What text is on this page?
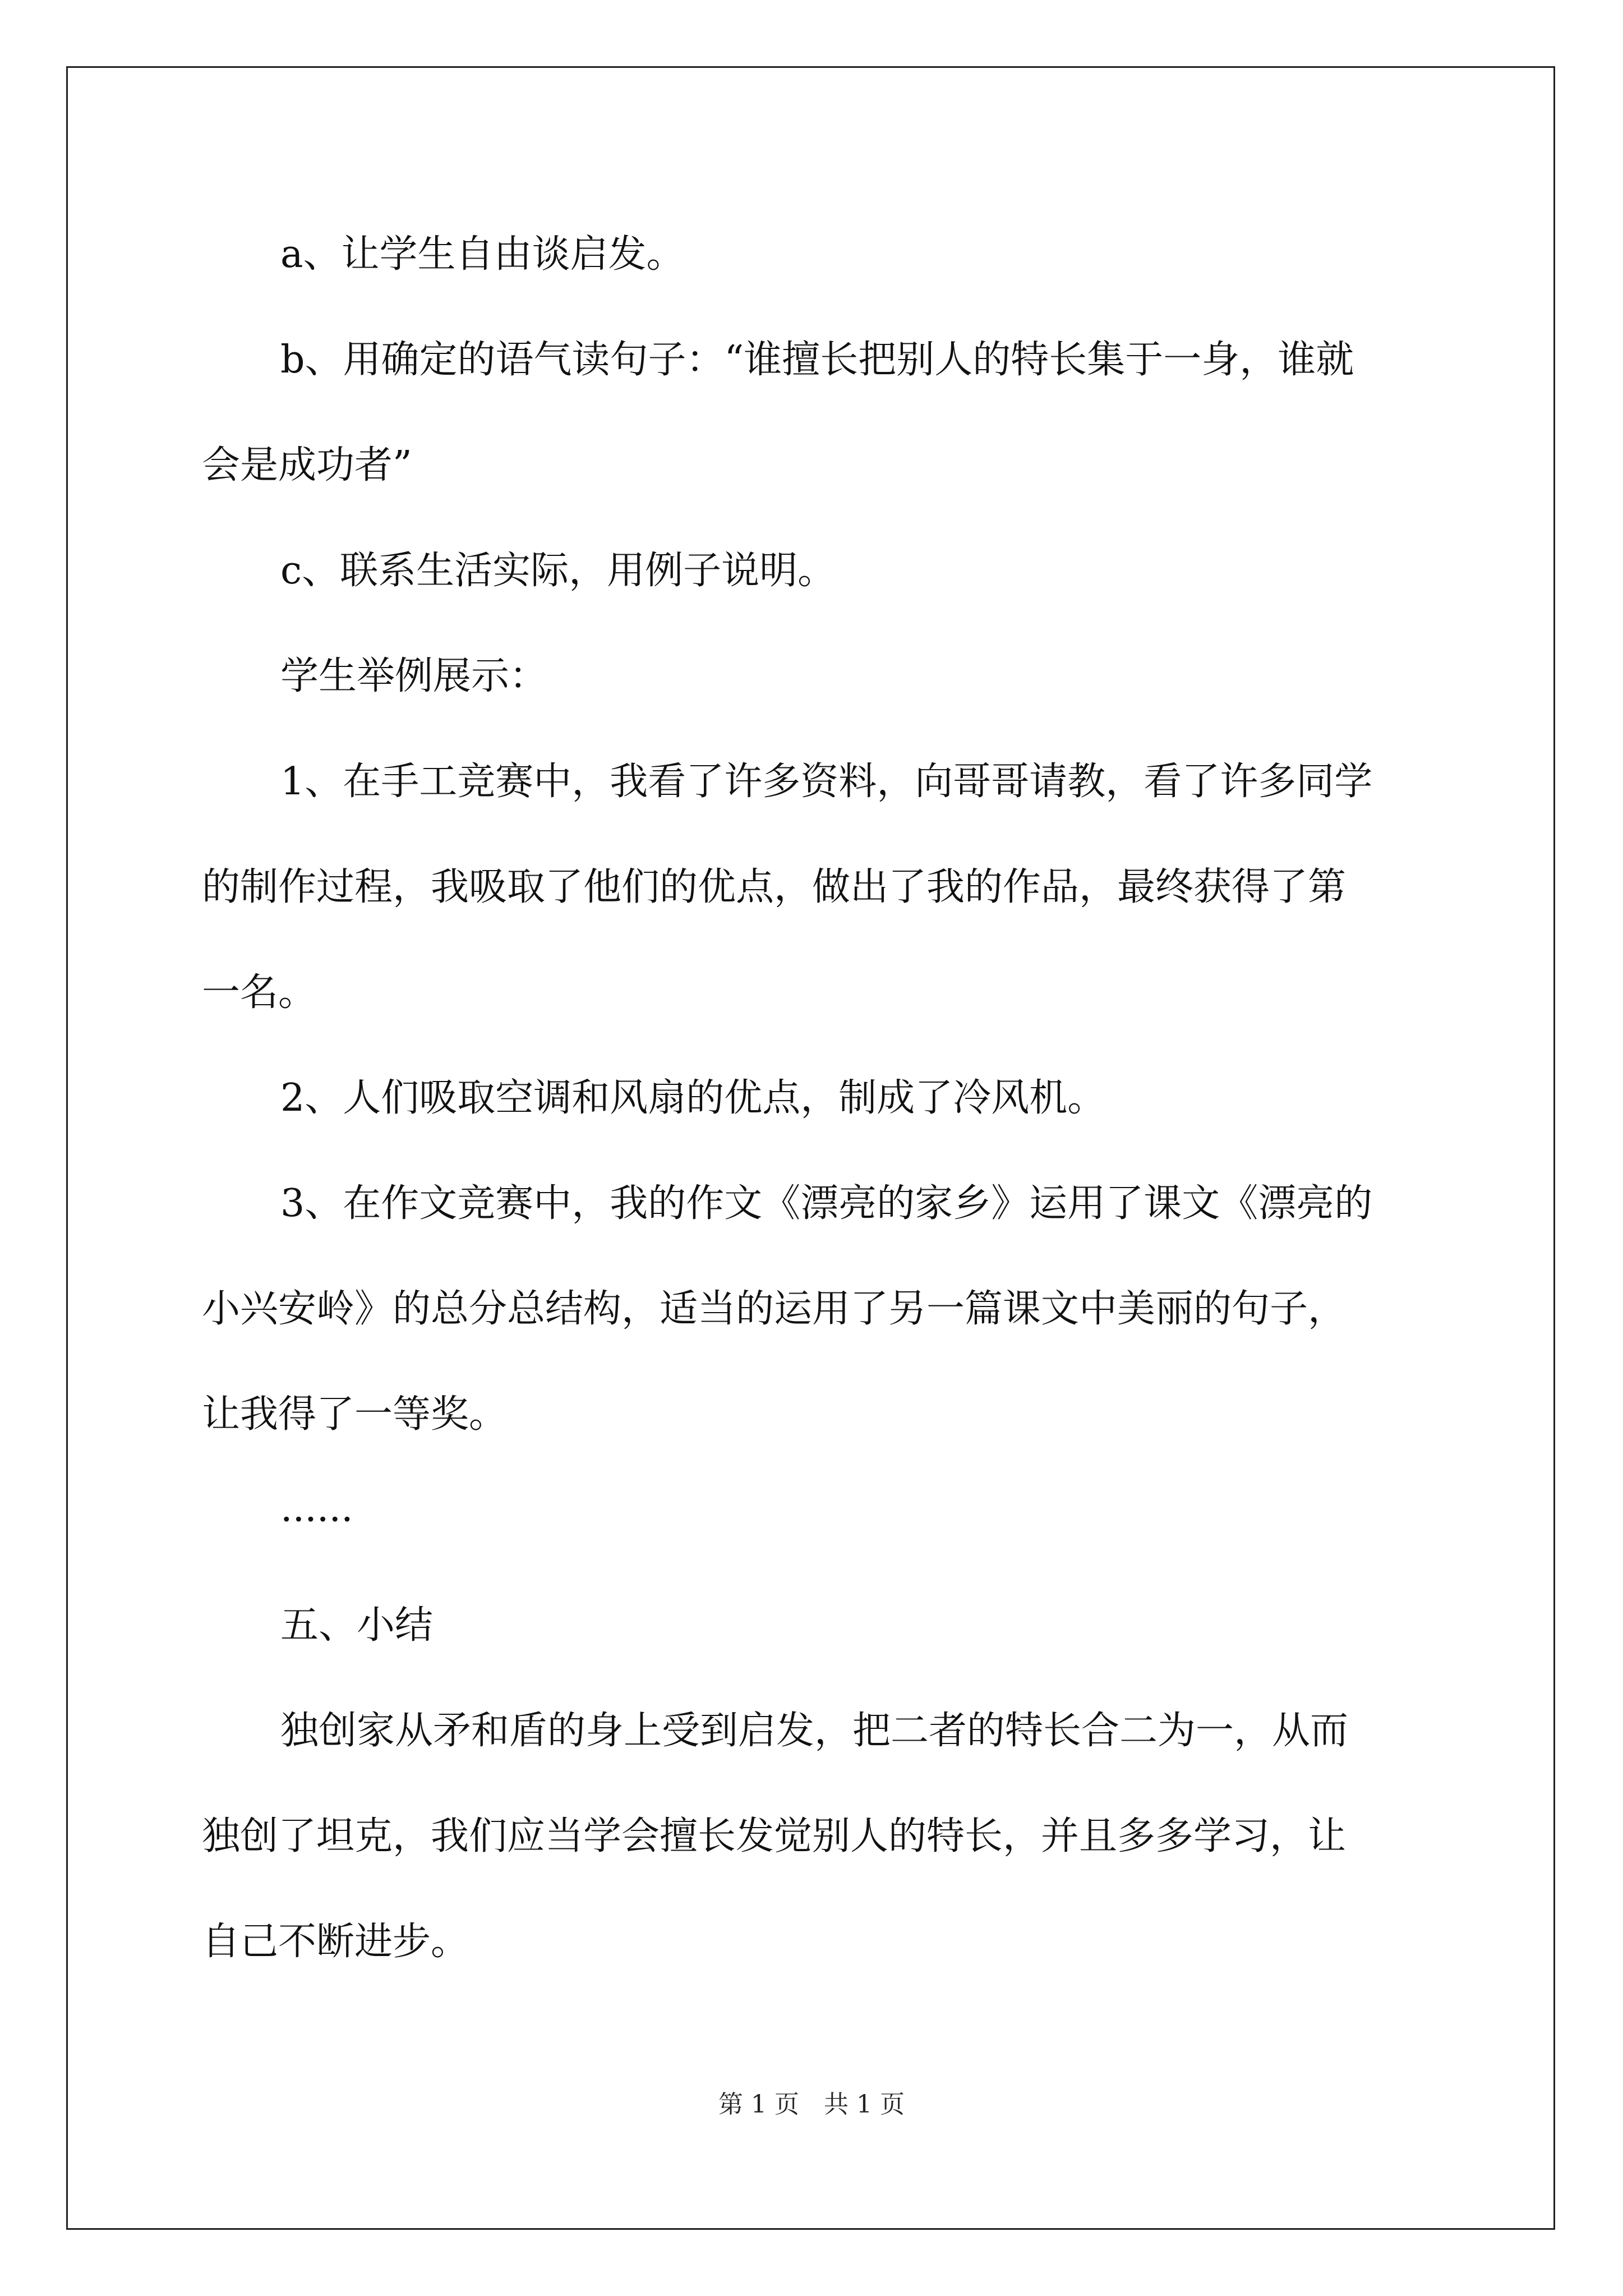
a、让学生自由谈启发。
b、用确定的语气读句子：“谁擅长把别人的特长集于一身，谁就
会是成功者”
c、联系生活实际，用例子说明。
学生举例展示：
1、在手工竞赛中，我看了许多资料，向哥哥请教，看了许多同学
的制作过程，我吸取了他们的优点，做出了我的作品，最终获得了第
一名。
2、人们吸取空调和风扇的优点，制成了冷风机。
3、在作文竞赛中，我的作文《漂亮的家乡》运用了课文《漂亮的
小兴安岭》的总分总结构，适当的运用了另一篇课文中美丽的句子，
让我得了一等奖。
······
五、小结
独创家从矛和盾的身上受到启发，把二者的特长合二为一，从而
独创了坦克，我们应当学会擅长发觉别人的特长，并且多多学习，让
自己不断进步。
第 1 页　共 1 页
